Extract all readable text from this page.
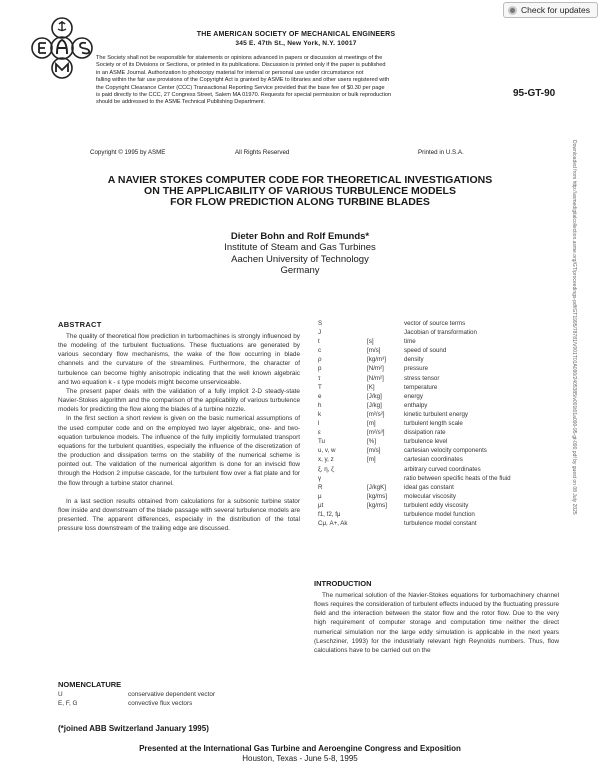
Check for updates
THE AMERICAN SOCIETY OF MECHANICAL ENGINEERS
345 E. 47th St., New York, N.Y. 10017
95-GT-90
The Society shall not be responsible for statements or opinions advanced in papers or discussion at meetings of the
Society or of its Divisions or Sections, or printed in its publications. Discussion is printed only if the paper is published
in an ASME Journal. Authorization to photocopy material for internal or personal use under circumstance not
falling within the fair use provisions of the Copyright Act is granted by ASME to libraries and other users registered with
the Copyright Clearance Center (CCC) Transactional Reporting Service provided that the base fee of $0.30 per page
is paid directly to the CCC, 27 Congress Street, Salem MA 01970. Requests for special permission or bulk reproduction
should be addressed to the ASME Technical Publishing Department.
Copyright © 1995 by ASME	All Rights Reserved	Printed in U.S.A.	Downloaded from http://asmedigitalcollection.asme.org/GT/proceedings-pdf/GT1995/78781/V001T01A090/2405385/v001t01a090-95-gt-090.pdf by guest on 08 July 2025
A NAVIER STOKES COMPUTER CODE FOR THEORETICAL INVESTIGATIONS
ON THE APPLICABILITY OF VARIOUS TURBULENCE MODELS
FOR FLOW PREDICTION ALONG TURBINE BLADES
Dieter Bohn and Rolf Emunds*
Institute of Steam and Gas Turbines
Aachen University of Technology
Germany
ABSTRACT

The quality of theoretical flow prediction in turbomachines is strongly influenced by the modeling of the turbulent fluctuations. These fluctuations are generated by various secondary flow mechanisms, the wake of the flow occurring in blade channels and the curvature of the streamlines. Furthermore, the character of turbulence can become highly anisotropic indicating that the well known algebraic and two equation k - ε type models might become unserviceable.

The present paper deals with the validation of a fully implicit 2-D steady-state Navier-Stokes algorithm and the comparison of the applicability of various turbulence models for predicting the flow along the blades of a turbine nozzle.

In the first section a short review is given on the basic numerical assumptions of the used computer code and on the employed two layer algebraic, one- and two-equation turbulence models. The influence of the fully implicitly formulated transport equations for the turbulent quantities, especially the influence of the discretization of the production and dissipation terms on the stability of the numerical scheme is pointed out. The validation of the numerical algorithm is done for an inviscid flow through the Hodson 2 impulse cascade, for the turbulent flow over a flat plate and for the flow through a turbine stator channel.

In a last section results obtained from calculations for a subsonic turbine stator flow inside and downstream of the blade passage with several turbulence models are presented. The apparent differences, especially in the distribution of the total pressure loss downstream of the trailing edge are discussed.

NOMENCLATURE
U	conservative dependent vector
E, F, G	convective flux vectors
(*joined ABB Switzerland January 1995)
S	vector of source terms
J	Jacobian of transformation
t	[s]	time
c	[m/s]	speed of sound
ρ	[kg/m³]	density
p	[N/m²]	pressure
τ	[N/m²]	stress tensor
T	[K]	temperature
e	[J/kg]	energy
h	[J/kg]	enthalpy
k	[m²/s²]	kinetic turbulent energy
l	[m]	turbulent length scale
ε	[m²/s³]	dissipation rate
Tu	[%]	turbulence level
u, v, w	[m/s]	cartesian velocity components
x, y, z	[m]	cartesian coordinates
ξ, η, ζ	arbitrary curved coordinates
γ	ratio between specific heats of the fluid
R	[J/kgK]	ideal gas constant
μ	[kg/ms]	molecular viscosity
μt	[kg/ms]	turbulent eddy viscosity
f1, f2, fμ	turbulence model function
Cμ, A+, Ak	turbulence model constant
INTRODUCTION
The numerical solution of the Navier-Stokes equations for turbomachinery channel flows requires the consideration of turbulent effects induced by the fluctuating pressure field and the interaction between the stator flow and the rotor flow. Due to the very high requirement of computer storage and computation time neither the direct numerical simulation nor the large eddy simulation is applicable in the next years (Leschziner, 1993) for the industrially relevant high Reynolds numbers. Thus, flow calculations have to be carried out on the
Presented at the International Gas Turbine and Aeroengine Congress and Exposition
Houston, Texas - June 5-8, 1995
